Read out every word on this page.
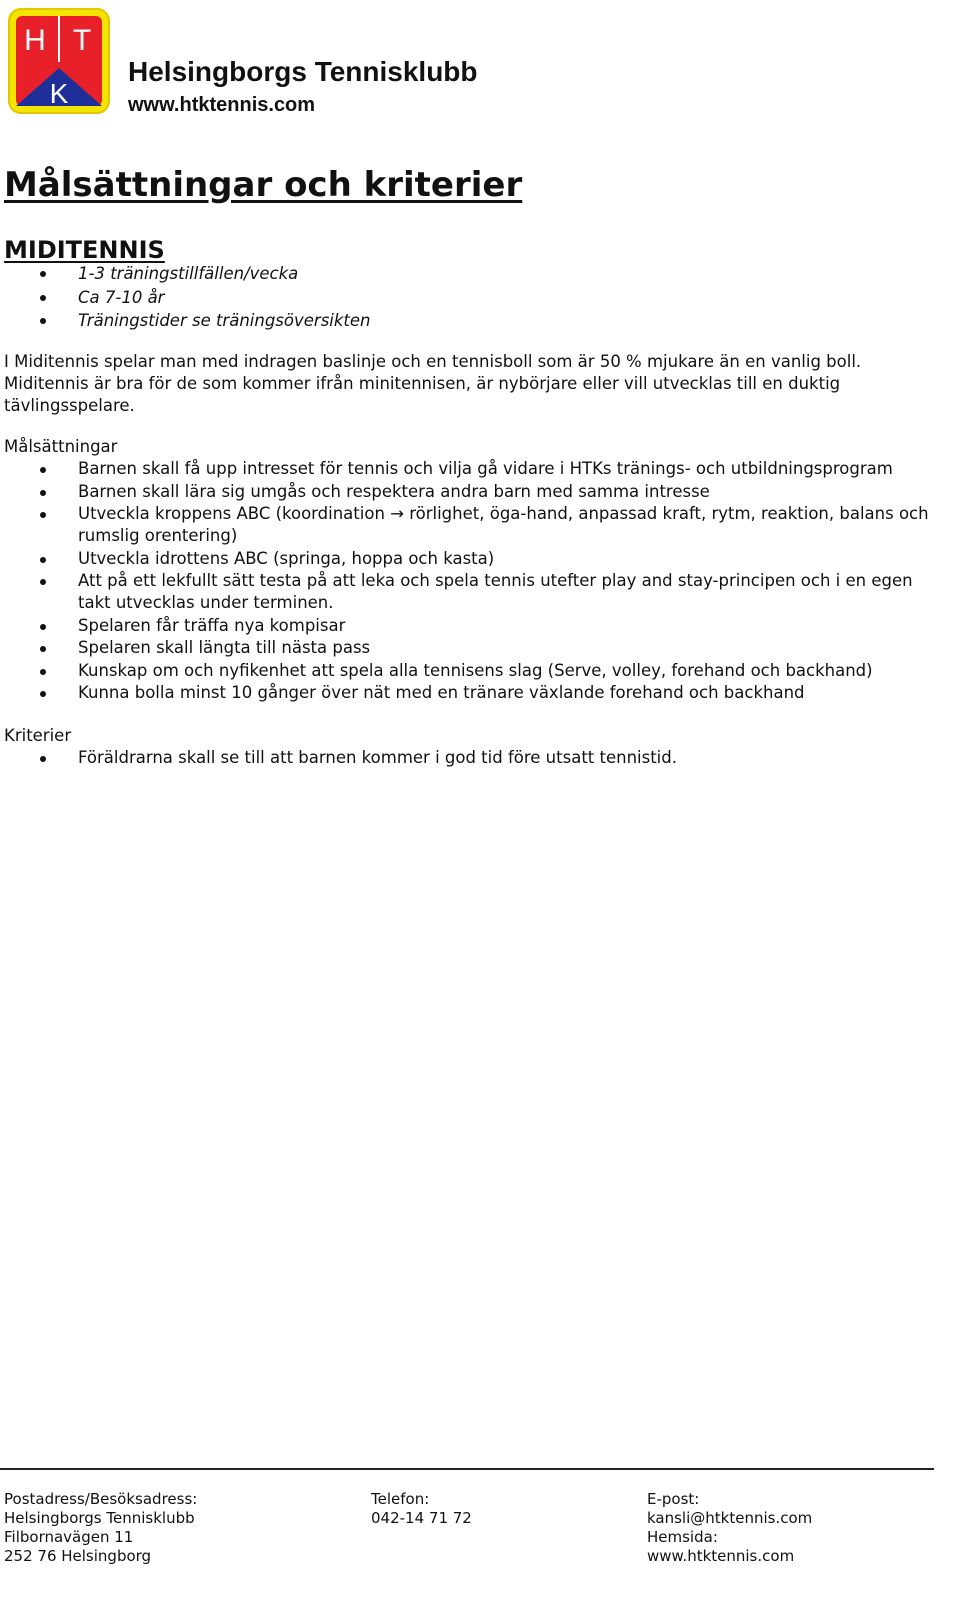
H T
K
Helsingborgs Tennisklubb
www.htktennis.com
Målsättningar och kriterier
MIDITENNIS
1-3 träningstillfällen/vecka
Ca 7-10 år
Träningstider se träningsöversikten
I Miditennis spelar man med indragen baslinje och en tennisboll som är 50 % mjukare än en vanlig boll.
Miditennis är bra för de som kommer ifrån minitennisen, är nybörjare eller vill utvecklas till en duktig
tävlingsspelare.
Målsättningar
Barnen skall få upp intresset för tennis och vilja gå vidare i HTKs tränings- och utbildningsprogram
Barnen skall lära sig umgås och respektera andra barn med samma intresse
Utveckla kroppens ABC (koordination → rörlighet, öga-hand, anpassad kraft, rytm, reaktion, balans och rumslig orentering)
Utveckla idrottens ABC (springa, hoppa och kasta)
Att på ett lekfullt sätt testa på att leka och spela tennis utefter play and stay-principen och i en egen takt utvecklas under terminen.
Spelaren får träffa nya kompisar
Spelaren skall längta till nästa pass
Kunskap om och nyfikenhet att spela alla tennisens slag (Serve, volley, forehand och backhand)
Kunna bolla minst 10 gånger över nät med en tränare växlande forehand och backhand
Kriterier
Föräldrarna skall se till att barnen kommer i god tid före utsatt tennistid.
Postadress/Besöksadress:
Helsingborgs Tennisklubb
Filbornavägen 11
252 76 Helsingborg
Telefon:
042-14 71 72
E-post:
kansli@htktennis.com
Hemsida:
www.htktennis.com
